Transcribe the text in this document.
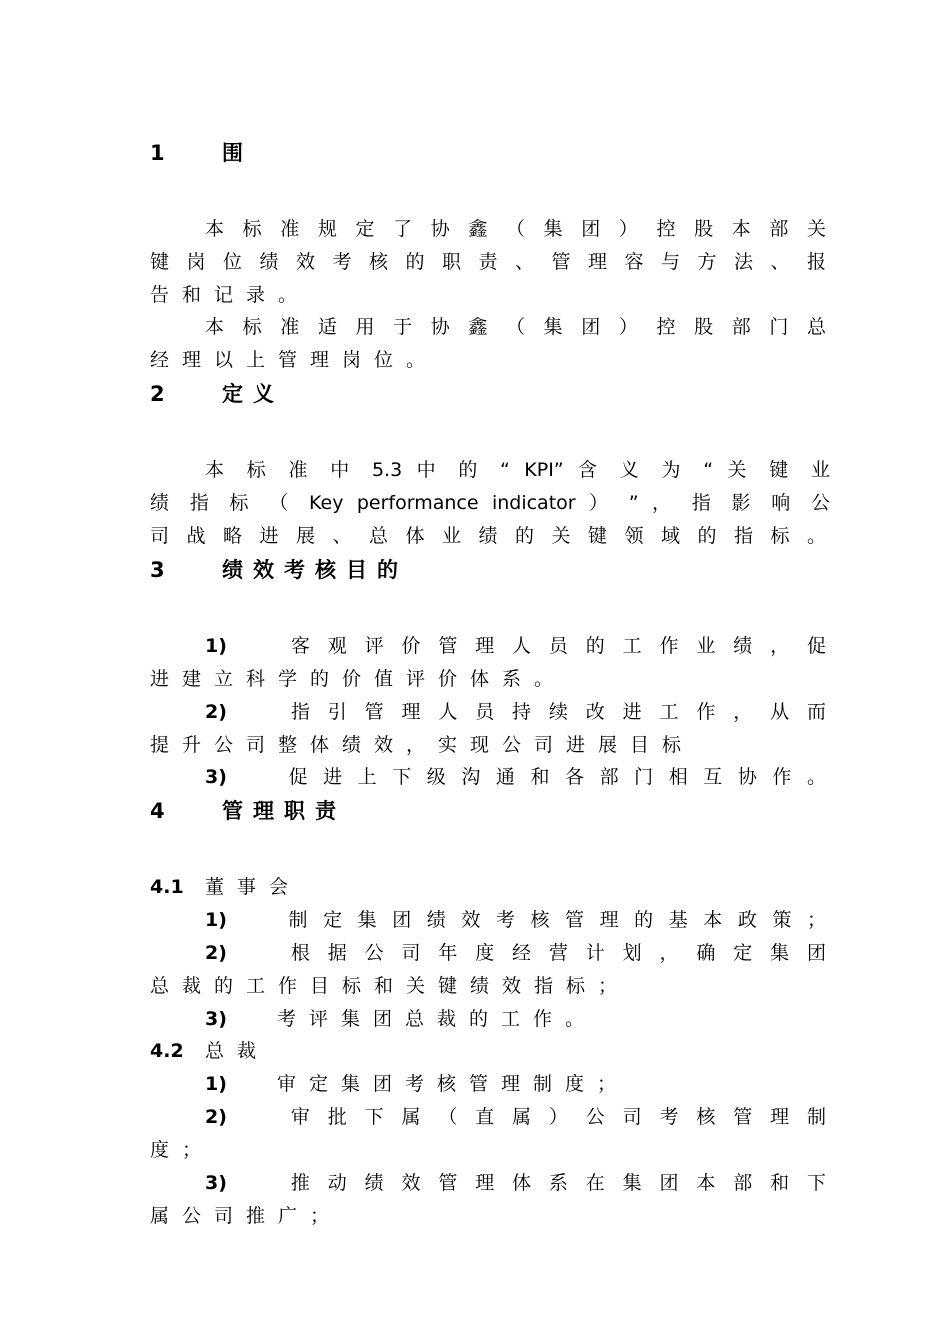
1	围
本标准规定了协鑫（集团）控股本部关
键岗位绩效考核的职责、管理容与方法、报
告和记录。
本标准适用于协鑫（集团）控股部门总
经理以上管理岗位。
2	定义
本 标 准 中 5.3 中 的 “ KPI” 含 义 为 “ 关 键 业
绩 指 标 （ Key performance indicator ） ” ， 指 影 响 公
司战略进展、总体业绩的关键领域的指标。
3	绩效考核目的
1)	客观评价管理人员的工作业绩，促
进建立科学的价值评价体系。
2)	指引管理人员持续改进工作，从而
提升公司整体绩效，实现公司进展目标
3)	促进上下级沟通和各部门相互协作。
4	管理职责
4.1 董事会
1)	制定集团绩效考核管理的基本政策；
2)	根据公司年度经营计划，确定集团
总裁的工作目标和关键绩效指标；
3)	考评集团总裁的工作。
4.2 总裁
1)	审定集团考核管理制度；
2)	审批下属（直属）公司考核管理制
度；
3)	推动绩效管理体系在集团本部和下
属公司推广；
